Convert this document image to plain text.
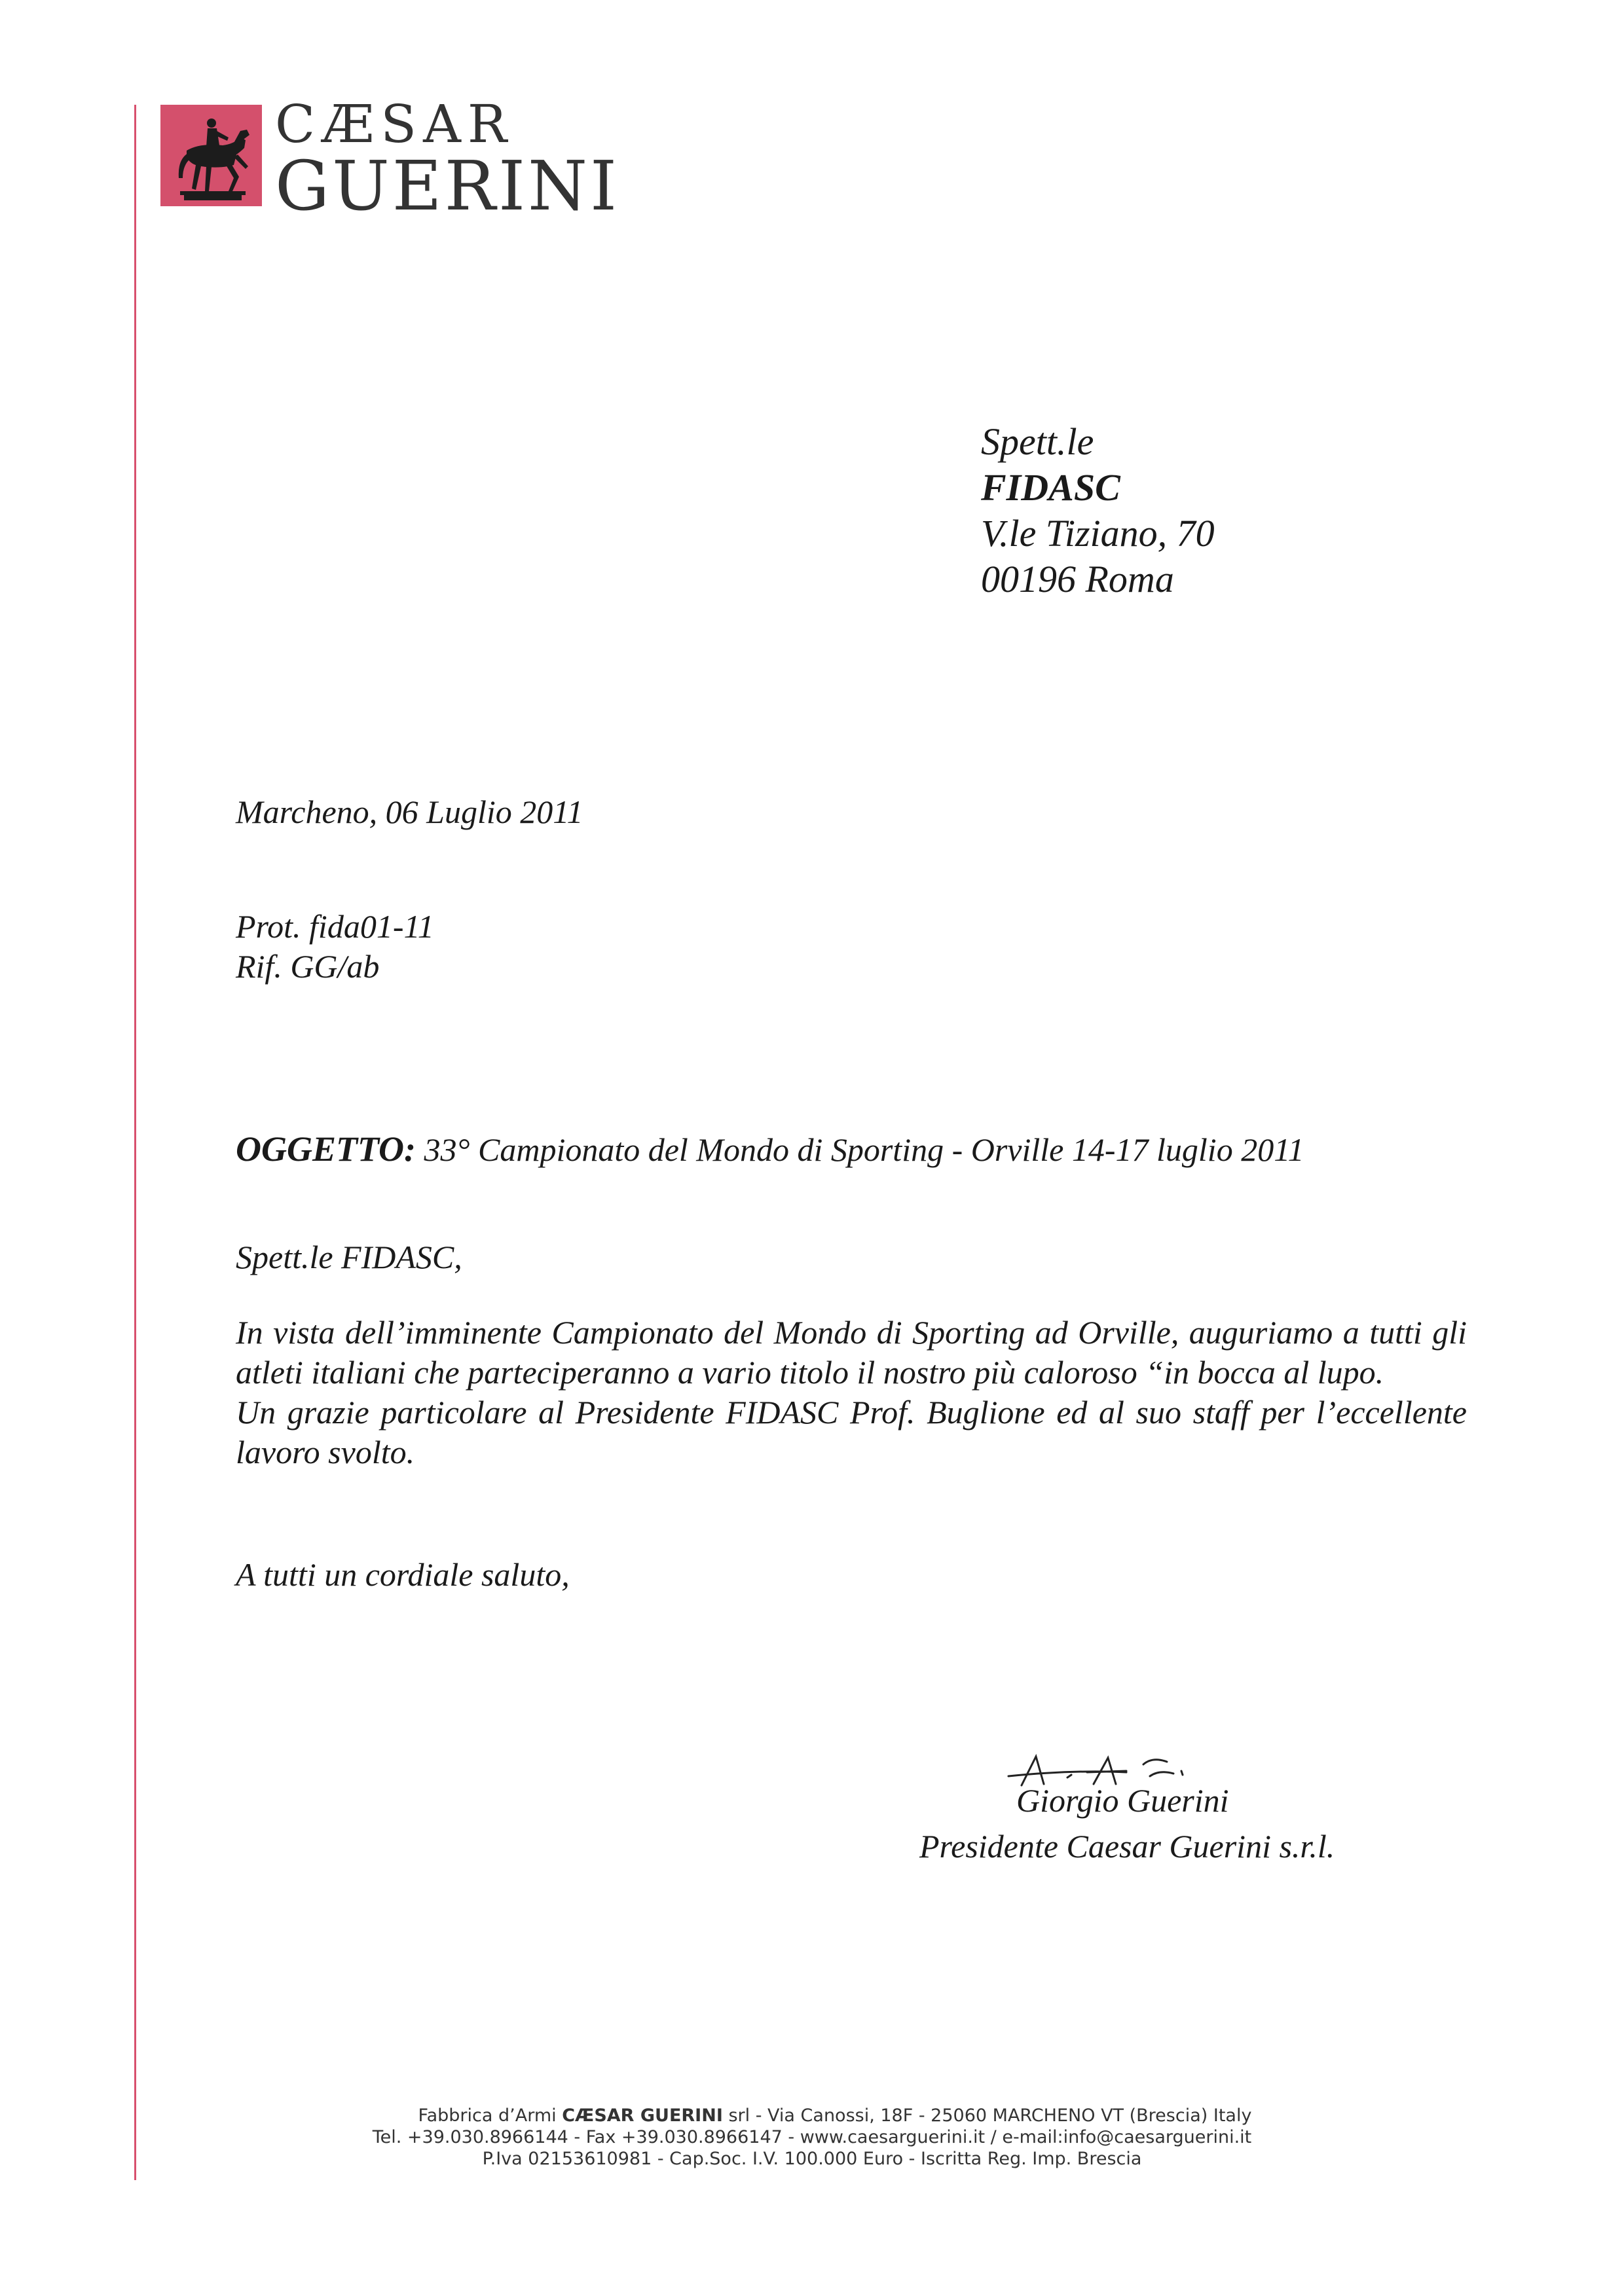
CÆSAR
GUERINI
Spett.le
FIDASC
V.le Tiziano, 70
00196 Roma
Marcheno, 06 Luglio 2011
Prot. fida01-11
Rif. GG/ab
OGGETTO: 33° Campionato del Mondo di Sporting - Orville 14-17 luglio 2011
Spett.le FIDASC,
In vista dell’imminente Campionato del Mondo di Sporting ad Orville, auguriamo a tutti gli atleti italiani che parteciperanno a vario titolo il nostro più caloroso “in bocca al lupo.
Un grazie particolare al Presidente FIDASC Prof. Buglione ed al suo staff per l’eccellente lavoro svolto.
A tutti un cordiale saluto,
Giorgio Guerini
Presidente Caesar Guerini s.r.l.
Fabbrica d’Armi CÆSAR GUERINI srl - Via Canossi, 18F - 25060 MARCHENO VT (Brescia) Italy
Tel. +39.030.8966144 - Fax +39.030.8966147 - www.caesarguerini.it / e-mail:info@caesarguerini.it
P.Iva 02153610981 - Cap.Soc. I.V. 100.000 Euro - Iscritta Reg. Imp. Brescia
